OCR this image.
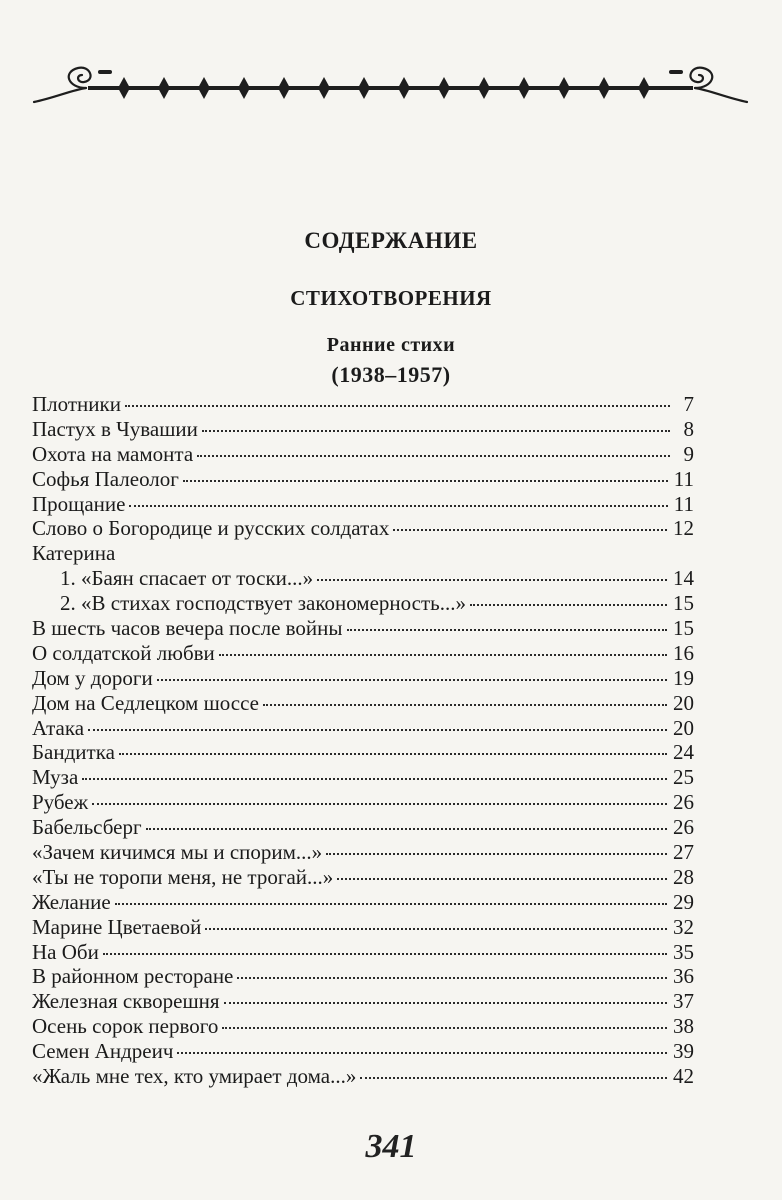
СОДЕРЖАНИЕ
СТИХОТВОРЕНИЯ
Ранние стихи
(1938–1957)
Плотники	7
Пастух в Чувашии	8
Охота на мамонта	9
Софья Палеолог	11
Прощание	11
Слово о Богородице и русских солдатах	12
Катерина
1. «Баян спасает от тоски...»	14
2. «В стихах господствует закономерность...»	15
В шесть часов вечера после войны	15
О солдатской любви	16
Дом у дороги	19
Дом на Седлецком шоссе	20
Атака	20
Бандитка	24
Муза	25
Рубеж	26
Бабельсберг	26
«Зачем кичимся мы и спорим...»	27
«Ты не торопи меня, не трогай...»	28
Желание	29
Марине Цветаевой	32
На Оби	35
В районном ресторане	36
Железная скворешня	37
Осень сорок первого	38
Семен Андреич	39
«Жаль мне тех, кто умирает дома...»	42
341
